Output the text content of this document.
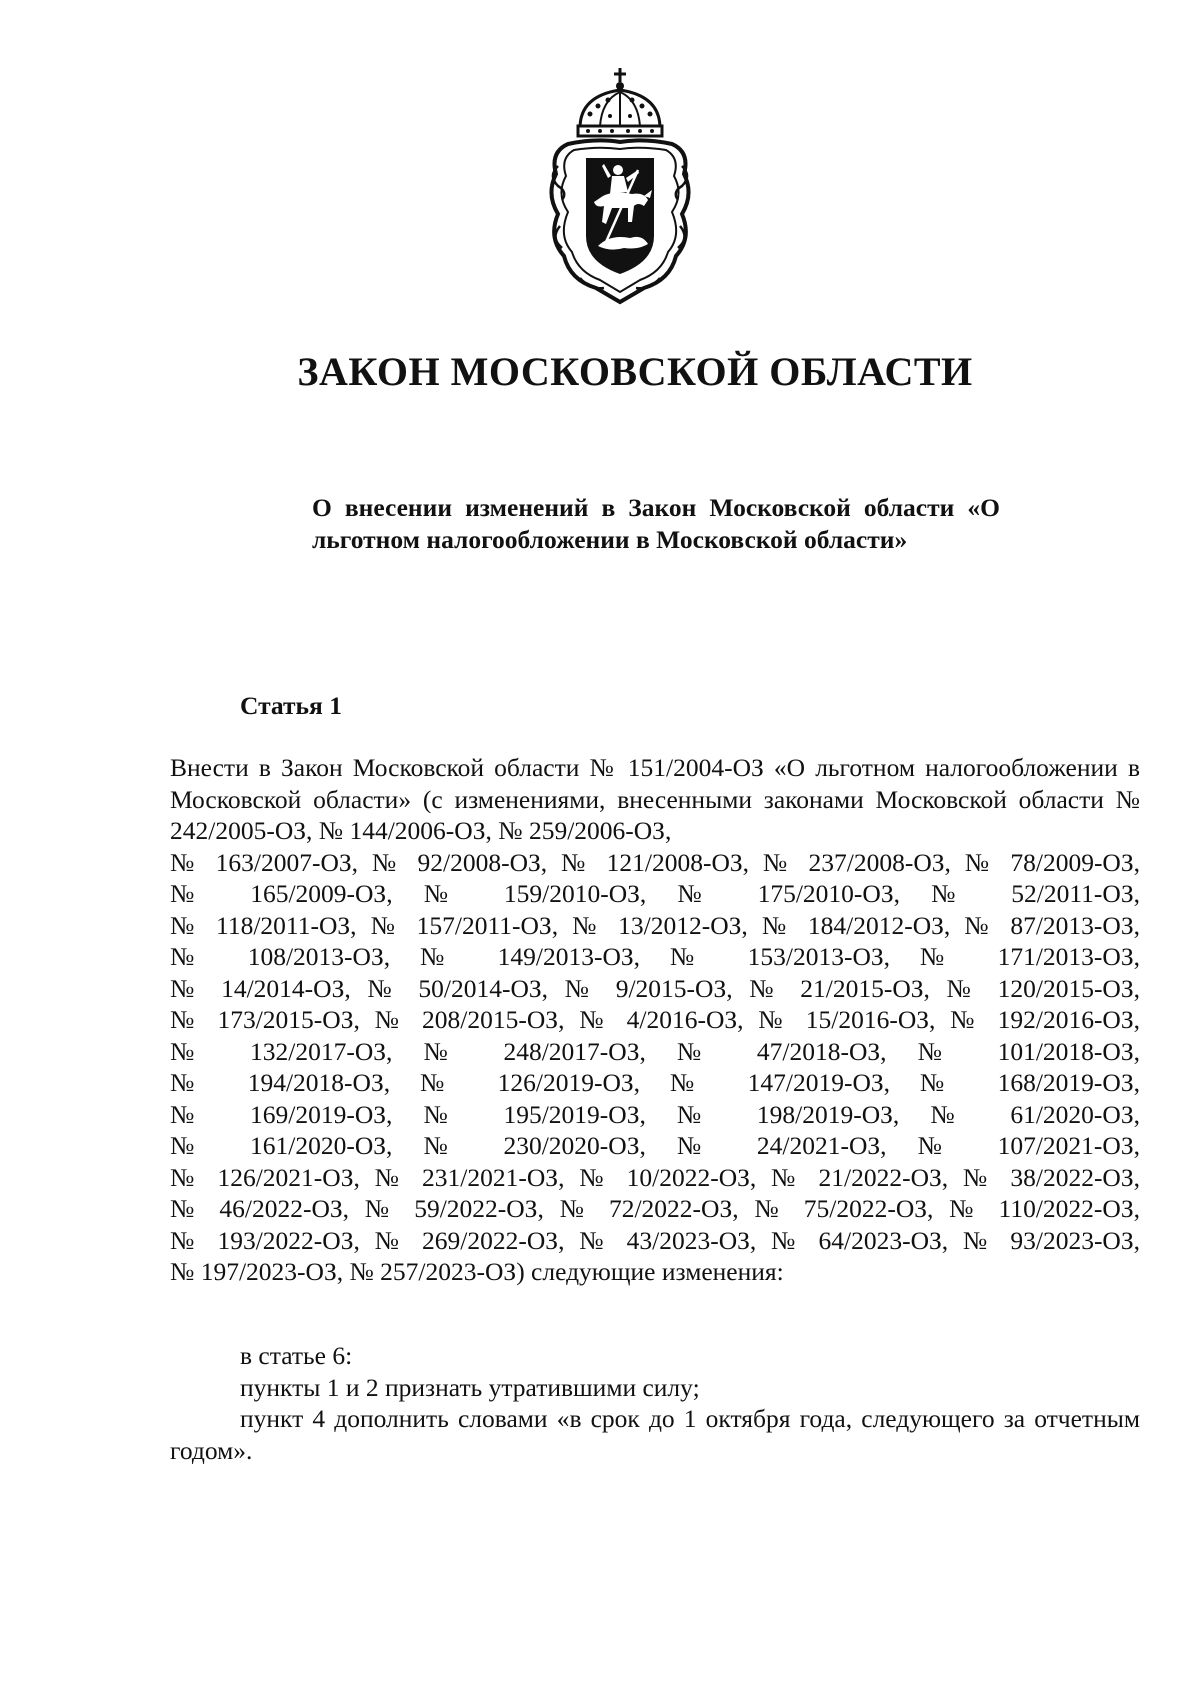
ЗАКОН МОСКОВСКОЙ ОБЛАСТИ

О внесении изменений в Закон Московской области «О льготном налогообложении в Московской области»

Статья 1

Внести в Закон Московской области № 151/2004-ОЗ «О льготном налогообложении в Московской области» (с изменениями, внесенными законами Московской области № 242/2005-ОЗ, № 144/2006-ОЗ, № 259/2006-ОЗ,
№ 163/2007-ОЗ, № 92/2008-ОЗ, № 121/2008-ОЗ, № 237/2008-ОЗ, № 78/2009-ОЗ,
№ 165/2009-ОЗ, № 159/2010-ОЗ, № 175/2010-ОЗ, № 52/2011-ОЗ,
№ 118/2011-ОЗ, № 157/2011-ОЗ, № 13/2012-ОЗ, № 184/2012-ОЗ, № 87/2013-ОЗ,
№ 108/2013-ОЗ, № 149/2013-ОЗ, № 153/2013-ОЗ, № 171/2013-ОЗ,
№ 14/2014-ОЗ, № 50/2014-ОЗ, № 9/2015-ОЗ, № 21/2015-ОЗ, № 120/2015-ОЗ,
№ 173/2015-ОЗ, № 208/2015-ОЗ, № 4/2016-ОЗ, № 15/2016-ОЗ, № 192/2016-ОЗ,
№ 132/2017-ОЗ, № 248/2017-ОЗ, № 47/2018-ОЗ, № 101/2018-ОЗ,
№ 194/2018-ОЗ, № 126/2019-ОЗ, № 147/2019-ОЗ, № 168/2019-ОЗ,
№ 169/2019-ОЗ, № 195/2019-ОЗ, № 198/2019-ОЗ, № 61/2020-ОЗ,
№ 161/2020-ОЗ, № 230/2020-ОЗ, № 24/2021-ОЗ, № 107/2021-ОЗ,
№ 126/2021-ОЗ, № 231/2021-ОЗ, № 10/2022-ОЗ, № 21/2022-ОЗ, № 38/2022-ОЗ,
№ 46/2022-ОЗ, № 59/2022-ОЗ, № 72/2022-ОЗ, № 75/2022-ОЗ, № 110/2022-ОЗ,
№ 193/2022-ОЗ, № 269/2022-ОЗ, № 43/2023-ОЗ, № 64/2023-ОЗ, № 93/2023-ОЗ,
№ 197/2023-ОЗ, № 257/2023-ОЗ) следующие изменения:
в статье 6:
пункты 1 и 2 признать утратившими силу;
пункт 4 дополнить словами «в срок до 1 октября года, следующего за отчетным годом».
